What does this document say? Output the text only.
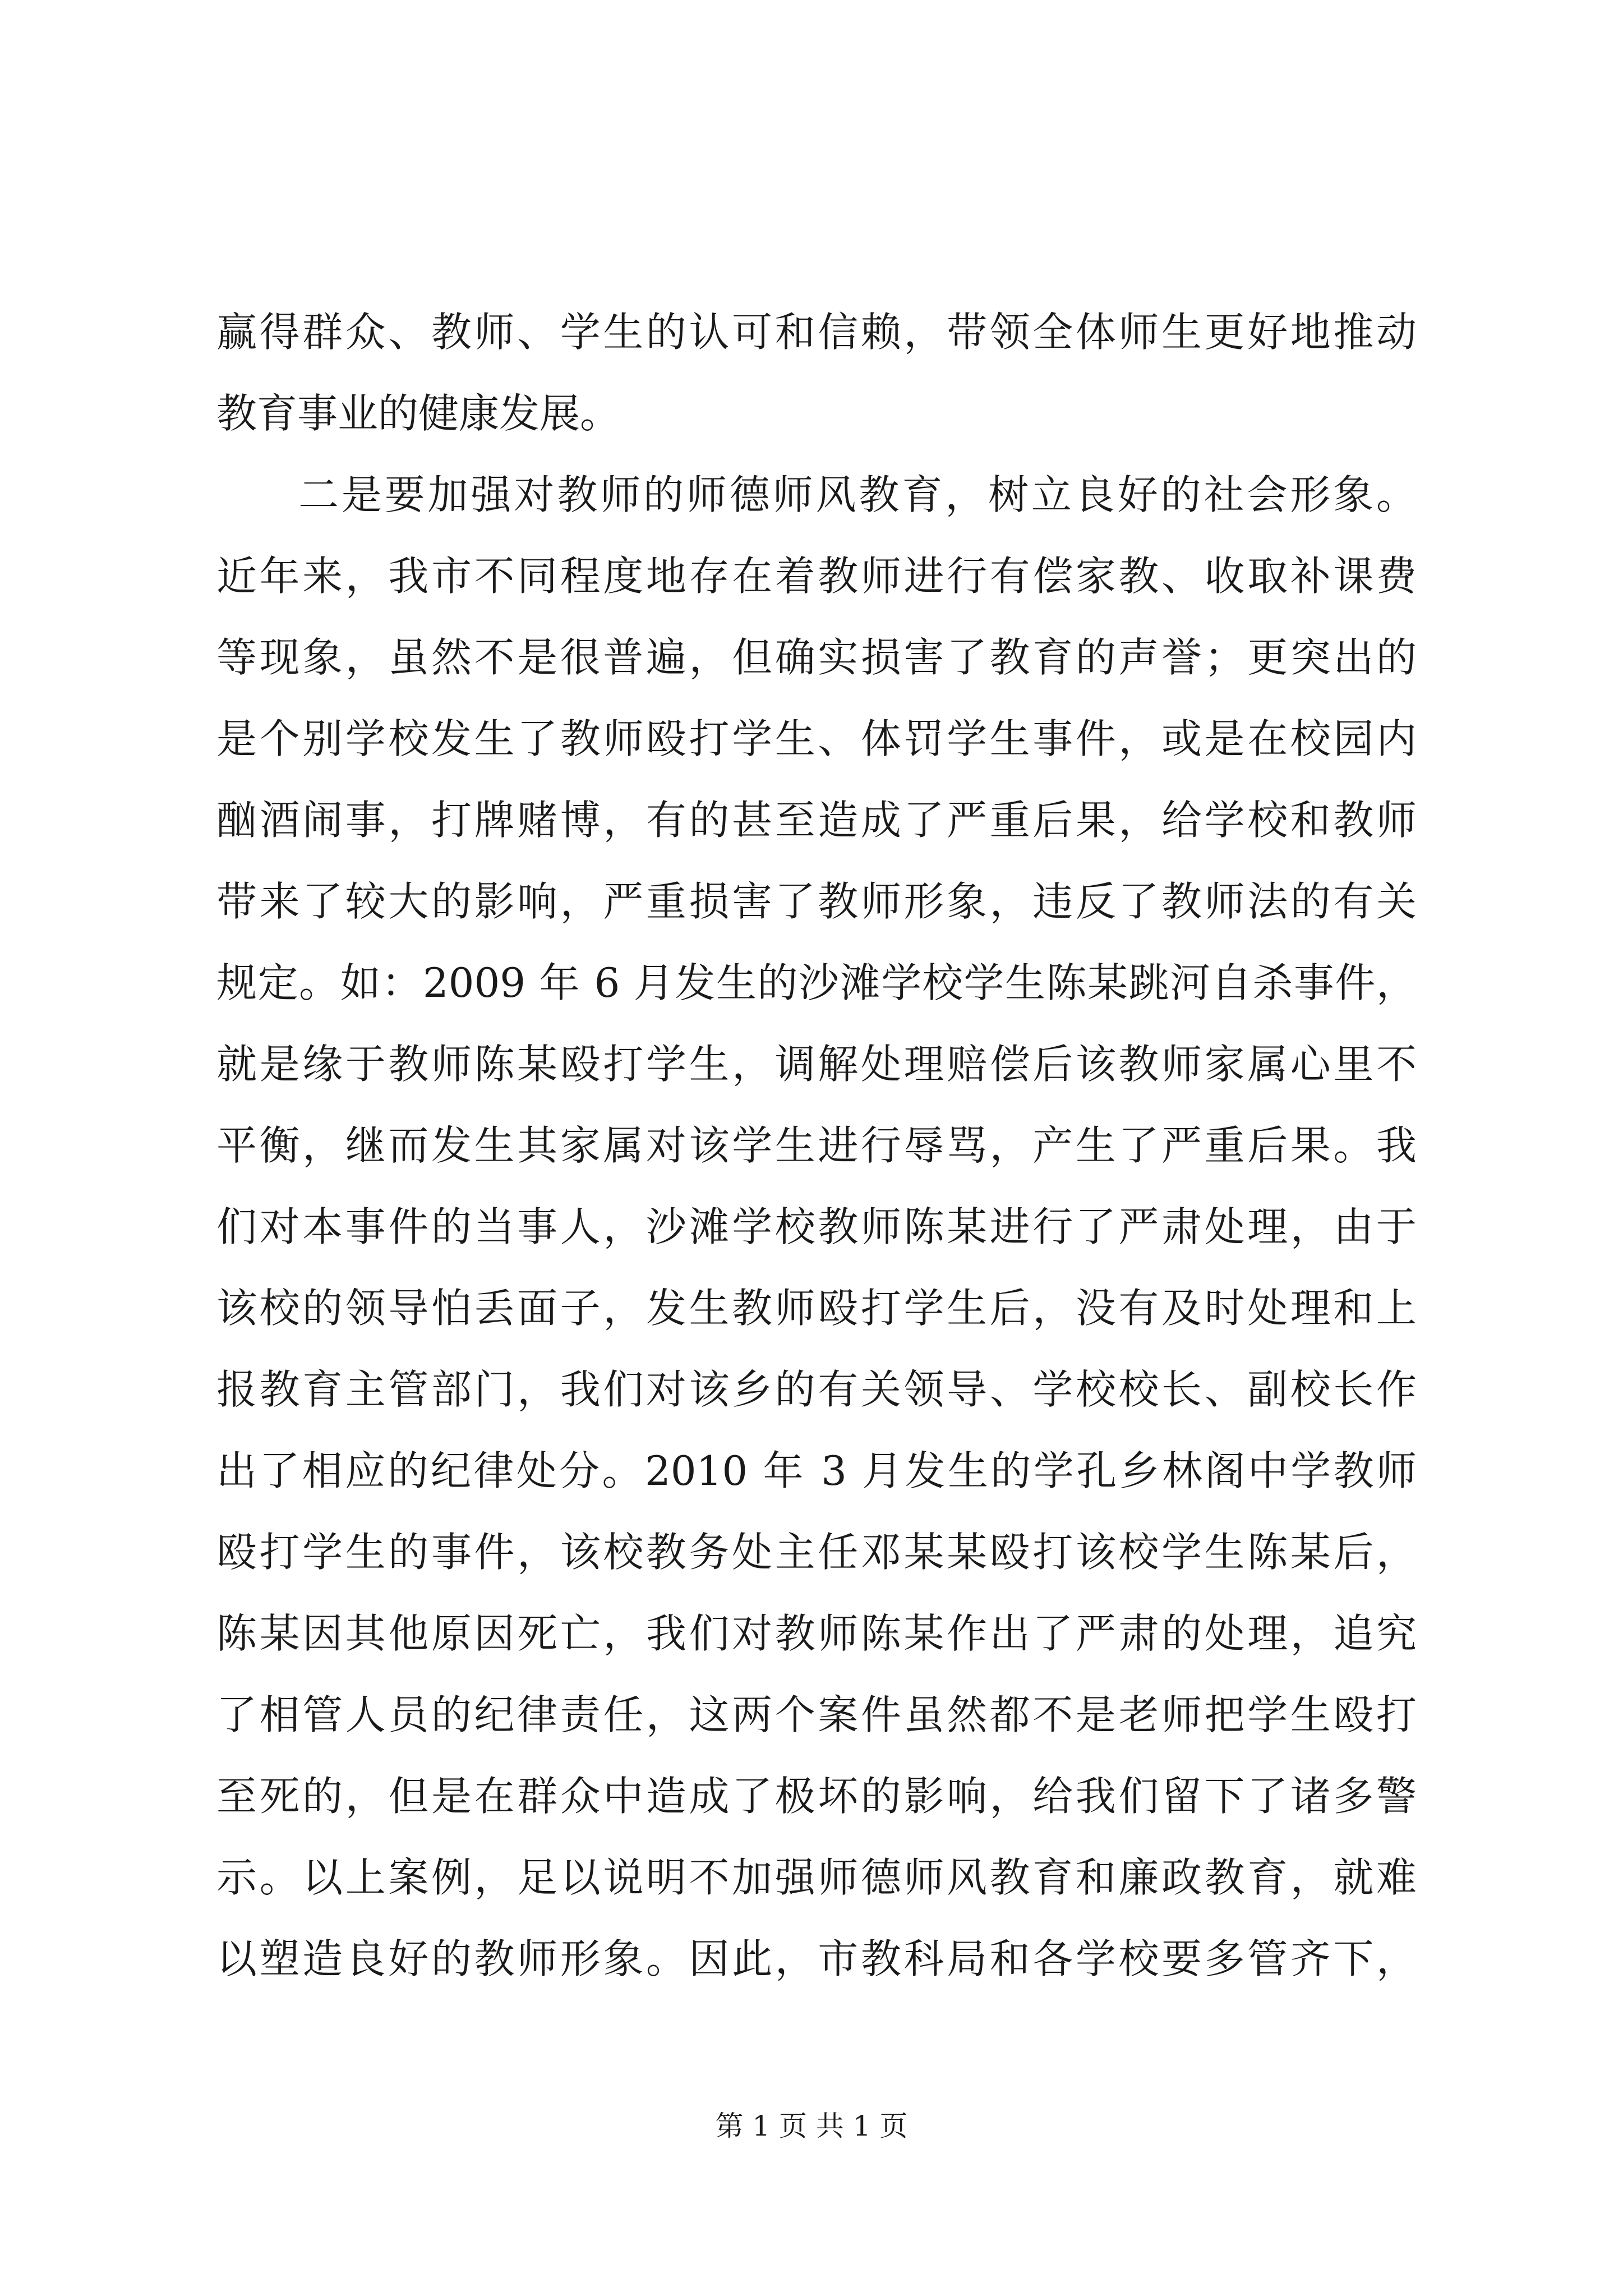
赢得群众、教师、学生的认可和信赖，带领全体师生更好地推动
教育事业的健康发展。
二是要加强对教师的师德师风教育，树立良好的社会形象。
近年来，我市不同程度地存在着教师进行有偿家教、收取补课费
等现象，虽然不是很普遍，但确实损害了教育的声誉；更突出的
是个别学校发生了教师殴打学生、体罚学生事件，或是在校园内
酗酒闹事，打牌赌博，有的甚至造成了严重后果，给学校和教师
带来了较大的影响，严重损害了教师形象，违反了教师法的有关
规定。如：2009 年 6 月发生的沙滩学校学生陈某跳河自杀事件，
就是缘于教师陈某殴打学生，调解处理赔偿后该教师家属心里不
平衡，继而发生其家属对该学生进行辱骂，产生了严重后果。我
们对本事件的当事人，沙滩学校教师陈某进行了严肃处理，由于
该校的领导怕丢面子，发生教师殴打学生后，没有及时处理和上
报教育主管部门，我们对该乡的有关领导、学校校长、副校长作
出了相应的纪律处分。2010 年 3 月发生的学孔乡林阁中学教师
殴打学生的事件，该校教务处主任邓某某殴打该校学生陈某后，
陈某因其他原因死亡，我们对教师陈某作出了严肃的处理，追究
了相管人员的纪律责任，这两个案件虽然都不是老师把学生殴打
至死的，但是在群众中造成了极坏的影响，给我们留下了诸多警
示。以上案例，足以说明不加强师德师风教育和廉政教育，就难
以塑造良好的教师形象。因此，市教科局和各学校要多管齐下，
第 1 页 共 1 页
